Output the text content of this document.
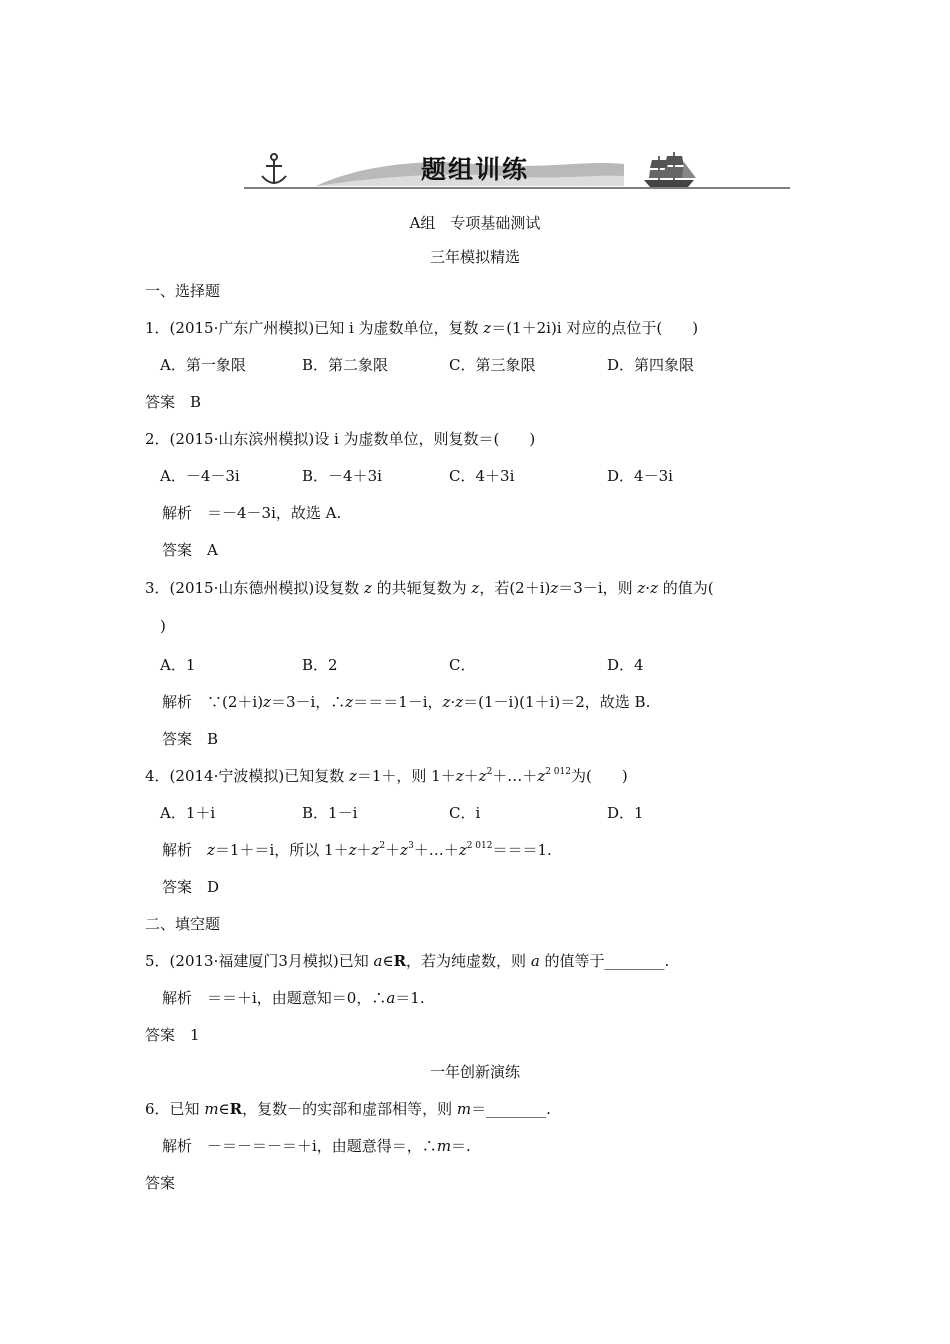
题组训练
A组　专项基础测试
三年模拟精选
一、选择题
1．(2015·广东广州模拟)已知 i 为虚数单位，复数 z＝(1＋2i)i 对应的点位于(　　)
A．第一象限	B．第二象限	C．第三象限	D．第四象限
答案　B
2．(2015·山东滨州模拟)设 i 为虚数单位，则复数＝(　　)
A．－4－3i	B．－4＋3i	C．4＋3i	D．4－3i
解析　＝－4－3i，故选 A.
答案　A
3．(2015·山东德州模拟)设复数 z 的共轭复数为 z，若(2＋i)z＝3－i，则 z·z 的值为(
)
A．1	B．2	C．	D．4
解析　∵(2＋i)z＝3－i，∴z＝＝＝1－i，z·z＝(1－i)(1＋i)＝2，故选 B.
答案　B
4．(2014·宁波模拟)已知复数 z＝1＋，则 $1+z+z^2+\dots+z^{2 012}$为(　　)
A．1＋i	B．1－i	C．i	D．1
解析　z＝1＋＝i，所以 $1+z+z^2+z^3+\dots+z^{2 012}===1$.
答案　D
二、填空题
5．(2013·福建厦门3月模拟)已知 a∈R，若为纯虚数，则 a 的值等于________.
解析　＝＝＋i，由题意知＝0，∴a＝1.
答案　1
一年创新演练
6．已知 m∈R，复数－的实部和虚部相等，则 m＝________.
解析　－＝－＝－＝＋i，由题意得＝，∴m＝.
答案
